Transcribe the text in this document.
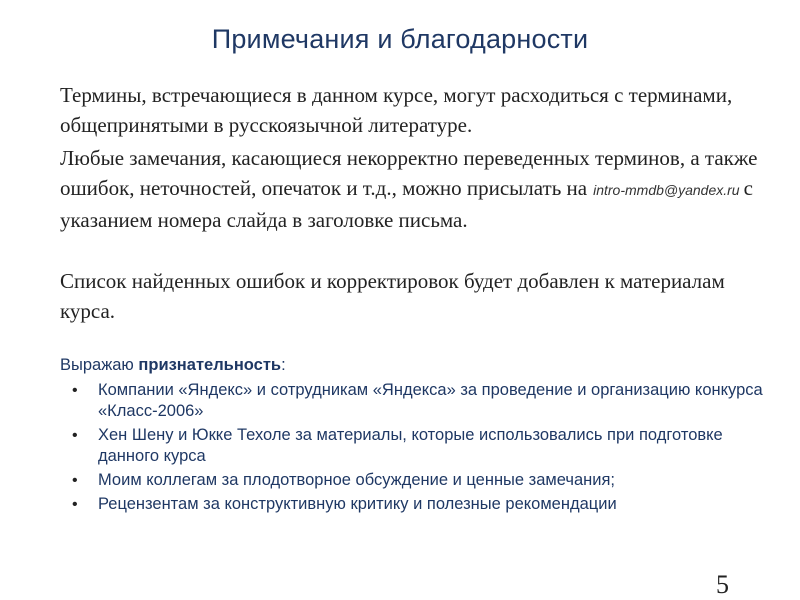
Примечания и благодарности
Термины, встречающиеся в данном курсе, могут расходиться с терминами, общепринятыми в русскоязычной литературе.
Любые замечания, касающиеся некорректно переведенных терминов, а также ошибок, неточностей, опечаток и т.д., можно присылать на intro-mmdb@yandex.ru с указанием номера слайда в заголовке письма.
Список найденных ошибок и корректировок будет добавлен к материалам курса.
Выражаю признательность:
• Компании «Яндекс» и сотрудникам «Яндекса» за проведение и организацию конкурса «Класс-2006»
• Хен Шену и Юкке Техоле за материалы, которые использовались при подготовке данного курса
• Моим коллегам за плодотворное обсуждение и ценные замечания;
• Рецензентам за конструктивную критику и полезные рекомендации
5
